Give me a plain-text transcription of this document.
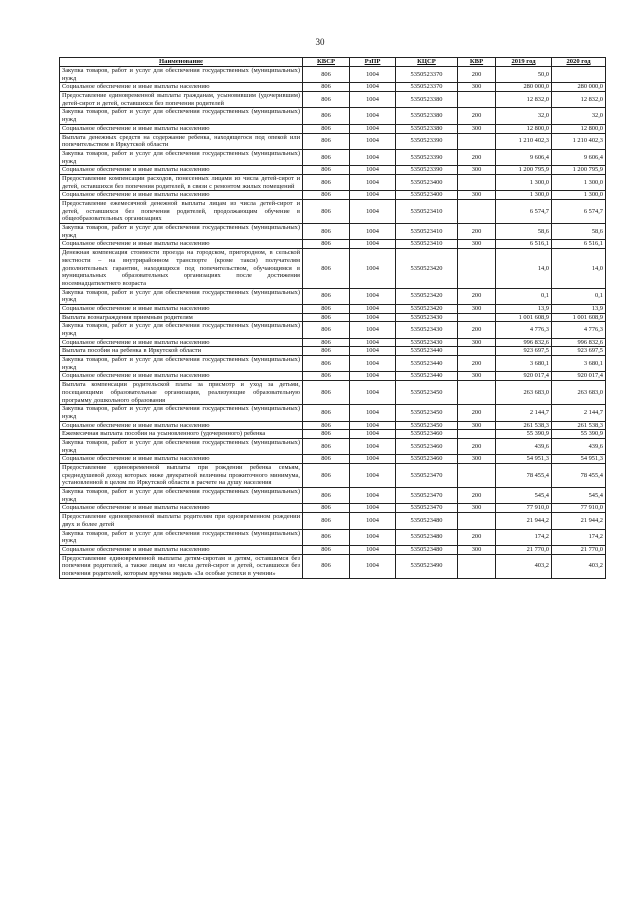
30
Наименование	КВСР	РзПР	КЦСР	КВР	2019 год	2020 год
Закупка товаров, работ и услуг для обеспечения государственных (муниципальных) нужд	806	1004	5350523370	200	50,0	
Социальное обеспечение и иные выплаты населению	806	1004	5350523370	300	280 000,0	280 000,0
Предоставление единовременной выплаты гражданам, усыновившим (удочерившим) детей-сирот и детей, оставшихся без попечения родителей	806	1004	5350523380		12 832,0	12 832,0
Закупка товаров, работ и услуг для обеспечения государственных (муниципальных) нужд	806	1004	5350523380	200	32,0	32,0
Социальное обеспечение и иные выплаты населению	806	1004	5350523380	300	12 800,0	12 800,0
Выплата денежных средств на содержание ребенка, находящегося под опекой или попечительством в Иркутской области	806	1004	5350523390		1 210 402,3	1 210 402,3
Закупка товаров, работ и услуг для обеспечения государственных (муниципальных) нужд	806	1004	5350523390	200	9 606,4	9 606,4
Социальное обеспечение и иные выплаты населению	806	1004	5350523390	300	1 200 795,9	1 200 795,9
Предоставление компенсации расходов, понесенных лицами из числа детей-сирот и детей, оставшихся без попечения родителей, в связи с ремонтом жилых помещений	806	1004	5350523400		1 300,0	1 300,0
Социальное обеспечение и иные выплаты населению	806	1004	5350523400	300	1 300,0	1 300,0
Предоставление ежемесячной денежной выплаты лицам из числа детей-сирот и детей, оставшихся без попечения родителей, продолжающим обучение в общеобразовательных организациях	806	1004	5350523410		6 574,7	6 574,7
Закупка товаров, работ и услуг для обеспечения государственных (муниципальных) нужд	806	1004	5350523410	200	58,6	58,6
Социальное обеспечение и иные выплаты населению	806	1004	5350523410	300	6 516,1	6 516,1
Денежная компенсация стоимости проезда на городском, пригородном, в сельской местности – на внутрирайонном транспорте (кроме такси) получателям дополнительных гарантии, находящихся под попечительством, обучающимся в муниципальных образовательных организациях после достижения восемнадцатилетнего возраста	806	1004	5350523420		14,0	14,0
Закупка товаров, работ и услуг для обеспечения государственных (муниципальных) нужд	806	1004	5350523420	200	0,1	0,1
Социальное обеспечение и иные выплаты населению	806	1004	5350523420	300	13,9	13,9
Выплата вознаграждения приемным родителям	806	1004	5350523430		1 001 608,9	1 001 608,9
Закупка товаров, работ и услуг для обеспечения государственных (муниципальных) нужд	806	1004	5350523430	200	4 776,3	4 776,3
Социальное обеспечение и иные выплаты населению	806	1004	5350523430	300	996 832,6	996 832,6
Выплата пособия на ребенка в Иркутской области	806	1004	5350523440		923 697,5	923 697,5
Закупка товаров, работ и услуг для обеспечения государственных (муниципальных) нужд	806	1004	5350523440	200	3 680,1	3 680,1
Социальное обеспечение и иные выплаты населению	806	1004	5350523440	300	920 017,4	920 017,4
Выплата компенсации родительской платы за присмотр и уход за детьми, посещающими образовательные организации, реализующие образовательную программу дошкольного образования	806	1004	5350523450		263 683,0	263 683,0
Закупка товаров, работ и услуг для обеспечения государственных (муниципальных) нужд	806	1004	5350523450	200	2 144,7	2 144,7
Социальное обеспечение и иные выплаты населению	806	1004	5350523450	300	261 538,3	261 538,3
Ежемесячная выплата пособия на усыновленного (удочеренного) ребенка	806	1004	5350523460		55 390,9	55 390,9
Закупка товаров, работ и услуг для обеспечения государственных (муниципальных) нужд	806	1004	5350523460	200	439,6	439,6
Социальное обеспечение и иные выплаты населению	806	1004	5350523460	300	54 951,3	54 951,3
Предоставление единовременной выплаты при рождении ребенка семьям, среднедушевой доход которых ниже двукратной величины прожиточного минимума, установленной в целом по Иркутской области в расчете на душу населения	806	1004	5350523470		78 455,4	78 455,4
Закупка товаров, работ и услуг для обеспечения государственных (муниципальных) нужд	806	1004	5350523470	200	545,4	545,4
Социальное обеспечение и иные выплаты населению	806	1004	5350523470	300	77 910,0	77 910,0
Предоставление единовременной выплаты родителям при одновременном рождении двух и более детей	806	1004	5350523480		21 944,2	21 944,2
Закупка товаров, работ и услуг для обеспечения государственных (муниципальных) нужд	806	1004	5350523480	200	174,2	174,2
Социальное обеспечение и иные выплаты населению	806	1004	5350523480	300	21 770,0	21 770,0
Предоставление единовременной выплаты детям-сиротам и детям, оставшимся без попечения родителей, а также лицам из числа детей-сирот и детей, оставшихся без попечения родителей, которым вручена медаль «За особые успехи в учении»	806	1004	5350523490		403,2	403,2
